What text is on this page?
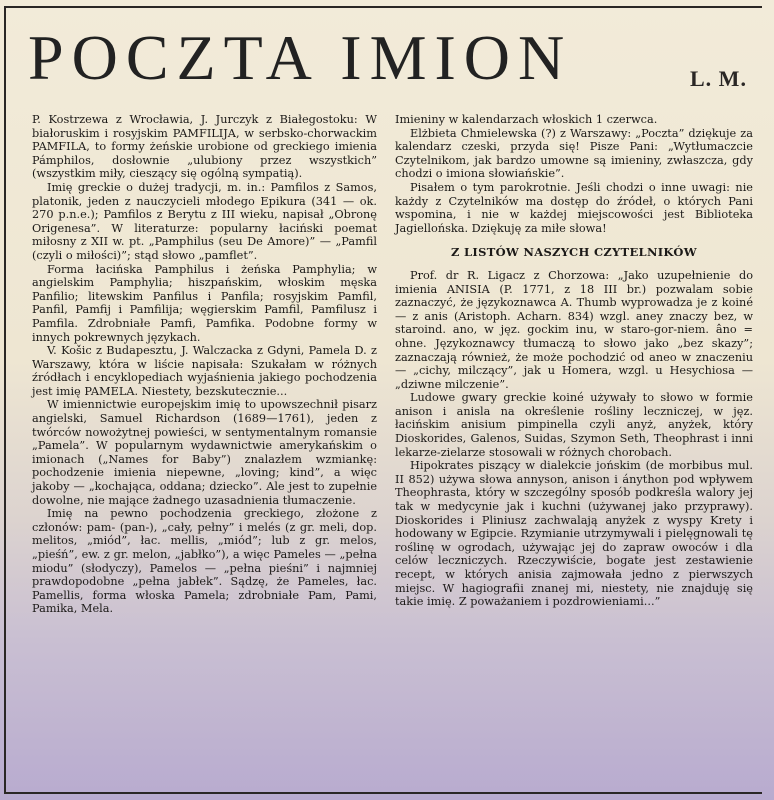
POCZTA IMION	L. M.

P. Kostrzewa z Wrocławia, J. Jurczyk z Białegostoku: W białoruskim i rosyjskim PAMFILIJA, w serbsko-chorwackim PAMFILA, to formy żeńskie urobione od greckiego imienia Pámphilos, dosłownie „ulubiony przez wszystkich” (wszystkim miły, cieszący się ogólną sympatią).

Imię greckie o dużej tradycji, m. in.: Pamfilos z Samos, platonik, jeden z nauczycieli młodego Epikura (341 — ok. 270 p.n.e.); Pamfilos z Berytu z III wieku, napisał „Obronę Origenesa”. W literaturze: popularny łaciński poemat miłosny z XII w. pt. „Pamphilus (seu De Amore)” — „Pamfil (czyli o miłości)”; stąd słowo „pamflet”.

Forma łacińska Pamphilus i żeńska Pamphylia; w angielskim Pamphylia; hiszpańskim, włoskim męska Panfilio; litewskim Panfilus i Panfila; rosyjskim Pamfil, Panfil, Pamfij i Pamfilija; węgierskim Pamfil, Pamfilusz i Pamfila. Zdrobniałe Pamfi, Pamfika. Podobne formy w innych pokrewnych językach.

V. Košic z Budapesztu, J. Walczacka z Gdyni, Pamela D. z Warszawy, która w liście napisała: Szukałam w różnych źródłach i encyklopediach wyjaśnienia jakiego pochodzenia jest imię PAMELA. Niestety, bezskutecznie...

W imiennictwie europejskim imię to upowszechnił pisarz angielski, Samuel Richardson (1689—1761), jeden z twórców nowożytnej powieści, w sentymentalnym romansie „Pamela”. W popularnym wydawnictwie amerykańskim o imionach („Names for Baby”) znalazłem wzmiankę: pochodzenie imienia niepewne, „loving; kind”, a więc jakoby — „kochająca, oddana; dziecko”. Ale jest to zupełnie dowolne, nie mające żadnego uzasadnienia tłumaczenie.

Imię na pewno pochodzenia greckiego, złożone z członów: pam- (pan-), „cały, pełny” i melés (z gr. meli, dop. melitos, „miód”, łac. mellis, „miód”; lub z gr. melos, „pieśń”, ew. z gr. melon, „jabłko”), a więc Pameles — „pełna miodu” (słodyczy), Pamelos — „pełna pieśni” i najmniej prawdopodobne „pełna jabłek”. Sądzę, że Pameles, łac. Pamellis, forma włoska Pamela; zdrobniałe Pam, Pami, Pamika, Mela.

Imieniny w kalendarzach włoskich 1 czerwca.

Elżbieta Chmielewska (?) z Warszawy: „Poczta” dziękuje za kalendarz czeski, przyda się! Pisze Pani: „Wytłumaczcie Czytelnikom, jak bardzo umowne są imieniny, zwłaszcza, gdy chodzi o imiona słowiańskie”.

Pisałem o tym parokrotnie. Jeśli chodzi o inne uwagi: nie każdy z Czytelników ma dostęp do źródeł, o których Pani wspomina, i nie w każdej miejscowości jest Biblioteka Jagiellońska. Dziękuję za miłe słowa!

Z LISTÓW NASZYCH CZYTELNIKÓW

Prof. dr R. Ligacz z Chorzowa: „Jako uzupełnienie do imienia ANISIA (P. 1771, z 18 III br.) pozwalam sobie zaznaczyć, że językoznawca A. Thumb wyprowadza je z koiné — z anis (Aristoph. Acharn. 834) wzgl. aney znaczy bez, w staroind. ano, w jęz. gockim inu, w staro-gor-niem. âno = ohne. Językoznawcy tłumaczą to słowo jako „bez skazy”; zaznaczają również, że może pochodzić od aneo w znaczeniu — „cichy, milczący”, jak u Homera, wzgl. u Hesychiosa — „dziwne milczenie”.

Ludowe gwary greckie koiné używały to słowo w formie anison i anisla na określenie rośliny leczniczej, w jęz. łacińskim anisium pimpinella czyli anyż, anyżek, który Dioskorides, Galenos, Suidas, Szymon Seth, Theophrast i inni lekarze-zielarze stosowali w różnych chorobach.

Hipokrates piszący w dialekcie jońskim (de morbibus mul. II 852) używa słowa annyson, anison i ánython pod wpływem Theophrasta, który w szczególny sposób podkreśla walory jej tak w medycynie jak i kuchni (używanej jako przyprawy). Dioskorides i Pliniusz zachwalają anyżek z wyspy Krety i hodowany w Egipcie. Rzymianie utrzymywali i pielęgnowali tę roślinę w ogrodach, używając jej do zapraw owoców i dla celów leczniczych. Rzeczywiście, bogate jest zestawienie recept, w których anisia zajmowała jedno z pierwszych miejsc. W hagiografii znanej mi, niestety, nie znajduję się takie imię. Z poważaniem i pozdrowieniami...”
